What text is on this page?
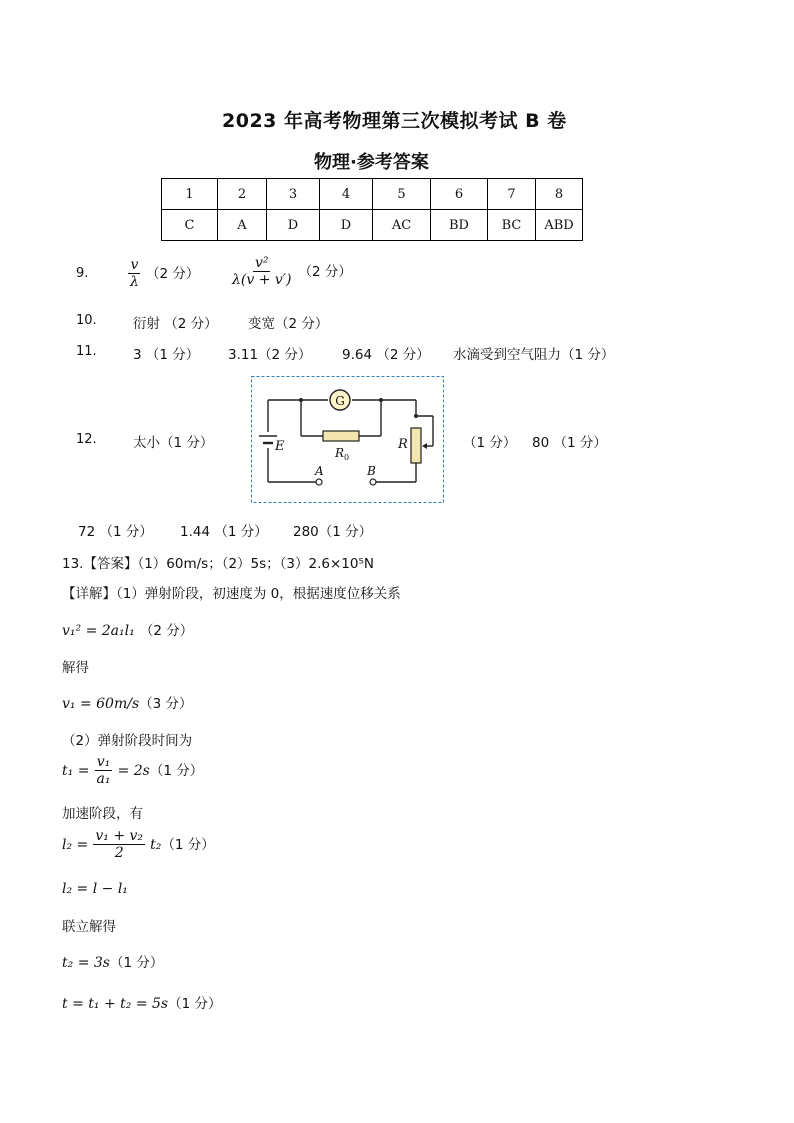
2023 年高考物理第三次模拟考试 B 卷
物理·参考答案
1	2	3	4	5	6	7	8
C	A	D	D	AC	BD	BC	ABD
9.	$\frac{v}{\lambda} (2$ 分） $\frac{\text{v²}}{\lambda(v + v')} (2$ 分）
10.	衍射 （2 分） 变宽（2 分）
11.	3 （1 分） 3.11（2 分） 9.64 （2 分） 水滴受到空气阻力（1 分）
12.	太小（1 分）
G
$R_0$
R
E
A	B
（1 分） 80 （1 分）
72 （1 分） 1.44 （1 分） 280（1 分）
13.【答案】（1）60m/s；（2）5s；（3）2.6×10⁵N
【详解】（1）弹射阶段，初速度为 0，根据速度位移关系
v₁² = 2a₁l₁ （2 分）
解得
v₁ = 60m/s（3 分）
（2）弹射阶段时间为
$t_1 = \frac{\text{v₁}}{\text{a₁}} = 2s(1$ 分）
加速阶段，有
$l_2 = \frac{\text{v₁ + v₂}}{2} t_2(1$ 分）
l₂ = l − l₁
联立解得
t₂ = 3s（1 分）
t = t₁ + t₂ = 5s（1 分）
